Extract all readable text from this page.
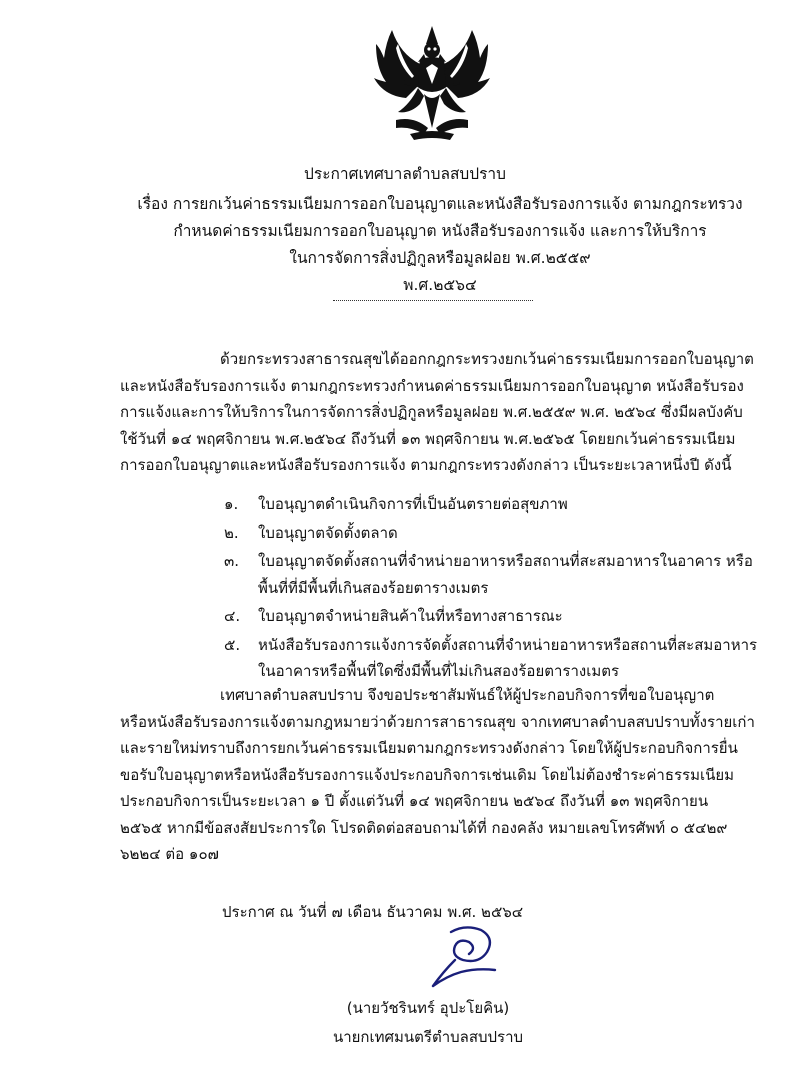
ประกาศเทศบาลตำบลสบปราบ
เรื่อง การยกเว้นค่าธรรมเนียมการออกใบอนุญาตและหนังสือรับรองการแจ้ง ตามกฎกระทรวง
กำหนดค่าธรรมเนียมการออกใบอนุญาต หนังสือรับรองการแจ้ง และการให้บริการ
ในการจัดการสิ่งปฏิกูลหรือมูลฝอย พ.ศ.๒๕๕๙
พ.ศ.๒๕๖๔
ด้วยกระทรวงสาธารณสุขได้ออกกฎกระทรวงยกเว้นค่าธรรมเนียมการออกใบอนุญาต
และหนังสือรับรองการแจ้ง ตามกฎกระทรวงกำหนดค่าธรรมเนียมการออกใบอนุญาต หนังสือรับรอง
การแจ้งและการให้บริการในการจัดการสิ่งปฏิกูลหรือมูลฝอย พ.ศ.๒๕๕๙ พ.ศ. ๒๕๖๔ ซึ่งมีผลบังคับ
ใช้วันที่ ๑๔ พฤศจิกายน พ.ศ.๒๕๖๔ ถึงวันที่ ๑๓ พฤศจิกายน พ.ศ.๒๕๖๕ โดยยกเว้นค่าธรรมเนียม
การออกใบอนุญาตและหนังสือรับรองการแจ้ง ตามกฎกระทรวงดังกล่าว เป็นระยะเวลาหนึ่งปี ดังนี้
๑. ใบอนุญาตดำเนินกิจการที่เป็นอันตรายต่อสุขภาพ
๒. ใบอนุญาตจัดตั้งตลาด
๓. ใบอนุญาตจัดตั้งสถานที่จำหน่ายอาหารหรือสถานที่สะสมอาหารในอาคาร หรือ
พื้นที่ที่มีพื้นที่เกินสองร้อยตารางเมตร
๔. ใบอนุญาตจำหน่ายสินค้าในที่หรือทางสาธารณะ
๕. หนังสือรับรองการแจ้งการจัดตั้งสถานที่จำหน่ายอาหารหรือสถานที่สะสมอาหาร
ในอาคารหรือพื้นที่ใดซึ่งมีพื้นที่ไม่เกินสองร้อยตารางเมตร
เทศบาลตำบลสบปราบ จึงขอประชาสัมพันธ์ให้ผู้ประกอบกิจการที่ขอใบอนุญาต
หรือหนังสือรับรองการแจ้งตามกฎหมายว่าด้วยการสาธารณสุข จากเทศบาลตำบลสบปราบทั้งรายเก่า
และรายใหม่ทราบถึงการยกเว้นค่าธรรมเนียมตามกฎกระทรวงดังกล่าว โดยให้ผู้ประกอบกิจการยื่น
ขอรับใบอนุญาตหรือหนังสือรับรองการแจ้งประกอบกิจการเช่นเดิม โดยไม่ต้องชำระค่าธรรมเนียม
ประกอบกิจการเป็นระยะเวลา ๑ ปี ตั้งแต่วันที่ ๑๔ พฤศจิกายน ๒๕๖๔ ถึงวันที่ ๑๓ พฤศจิกายน
๒๕๖๕ หากมีข้อสงสัยประการใด โปรดติดต่อสอบถามได้ที่ กองคลัง หมายเลขโทรศัพท์ ๐ ๕๔๒๙
๖๒๒๔ ต่อ ๑๐๗
ประกาศ ณ วันที่ ๗ เดือน ธันวาคม พ.ศ. ๒๕๖๔
(นายวัชรินทร์ อุปะโยคิน)
นายกเทศมนตรีตำบลสบปราบ
